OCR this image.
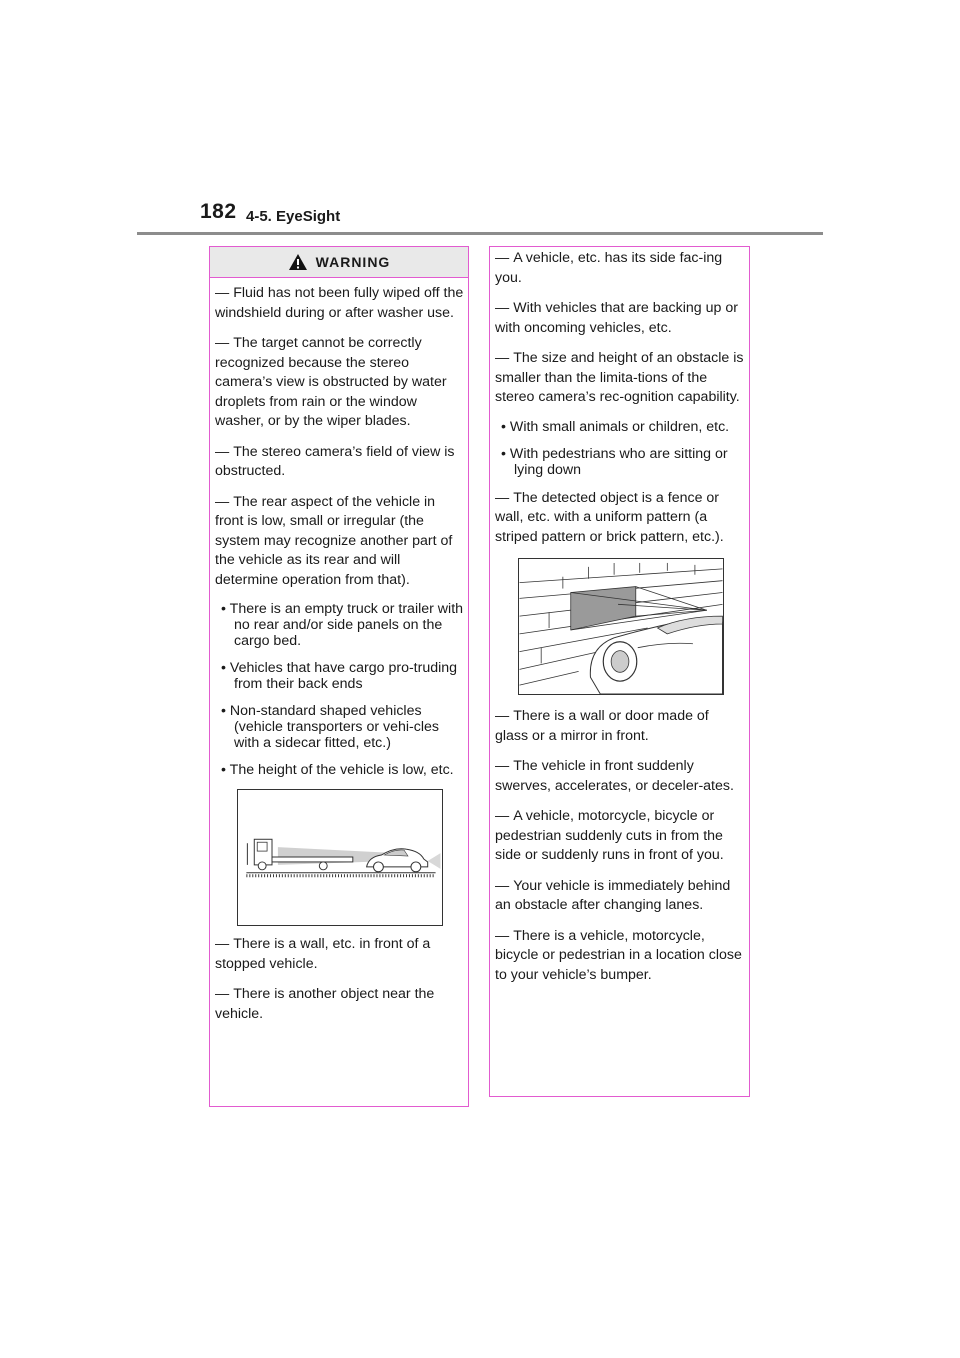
182 4-5. EyeSight
WARNING

— Fluid has not been fully wiped off the windshield during or after washer use.

— The target cannot be correctly recognized because the stereo camera’s view is obstructed by water droplets from rain or the window washer, or by the wiper blades.

— The stereo camera’s field of view is obstructed.

— The rear aspect of the vehicle in front is low, small or irregular (the system may recognize another part of the vehicle as its rear and will determine operation from that).

• There is an empty truck or trailer with no rear and/or side panels on the cargo bed.

• Vehicles that have cargo pro-truding from their back ends

• Non-standard shaped vehicles (vehicle transporters or vehi-cles with a sidecar fitted, etc.)

• The height of the vehicle is low, etc.

— There is a wall, etc. in front of a stopped vehicle.

— There is another object near the vehicle.

— A vehicle, etc. has its side fac-ing you.

— With vehicles that are backing up or with oncoming vehicles, etc.

— The size and height of an obstacle is smaller than the limita-tions of the stereo camera’s rec-ognition capability.

• With small animals or children, etc.

• With pedestrians who are sitting or lying down

— The detected object is a fence or wall, etc. with a uniform pattern (a striped pattern or brick pattern, etc.).

— There is a wall or door made of glass or a mirror in front.

— The vehicle in front suddenly swerves, accelerates, or deceler-ates.

— A vehicle, motorcycle, bicycle or pedestrian suddenly cuts in from the side or suddenly runs in front of you.

— Your vehicle is immediately behind an obstacle after changing lanes.

— There is a vehicle, motorcycle, bicycle or pedestrian in a location close to your vehicle’s bumper.
